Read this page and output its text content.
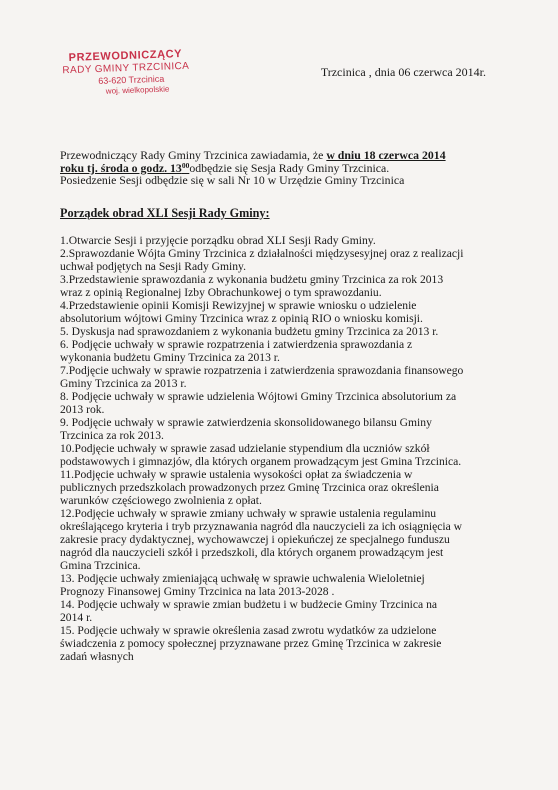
PRZEWODNICZĄCY
RADY GMINY TRZCINICA
63-620 Trzcinica
woj. wielkopolskie
Trzcinica , dnia 06 czerwca 2014r.

Przewodniczący Rady Gminy Trzcinica zawiadamia, że w dniu 18 czerwca 2014

roku tj. środa o godz. $13^{00}odbędzie$ się Sesja Rady Gminy Trzcinica.

Posiedzenie Sesji odbędzie się w sali Nr 10 w Urzędzie Gminy Trzcinica

Porządek obrad XLI Sesji Rady Gminy:
1.Otwarcie Sesji i przyjęcie porządku obrad XLI Sesji Rady Gminy.
2.Sprawozdanie Wójta Gminy Trzcinica z działalności międzysesyjnej oraz z realizacji
uchwał podjętych na Sesji Rady Gminy.
3.Przedstawienie sprawozdania z wykonania budżetu gminy Trzcinica za rok 2013
wraz z opinią Regionalnej Izby Obrachunkowej o tym sprawozdaniu.
4.Przedstawienie opinii Komisji Rewizyjnej w sprawie wniosku o udzielenie
absolutorium wójtowi Gminy Trzcinica wraz z opinią RIO o wniosku komisji.
5. Dyskusja nad sprawozdaniem z wykonania budżetu gminy Trzcinica za 2013 r.
6. Podjęcie uchwały w sprawie rozpatrzenia i zatwierdzenia sprawozdania z
wykonania budżetu Gminy Trzcinica za 2013 r.
7.Podjęcie uchwały w sprawie rozpatrzenia i zatwierdzenia sprawozdania finansowego
Gminy Trzcinica za 2013 r.
8. Podjęcie uchwały w sprawie udzielenia Wójtowi Gminy Trzcinica absolutorium za
2013 rok.
9. Podjęcie uchwały w sprawie zatwierdzenia skonsolidowanego bilansu Gminy
Trzcinica za rok 2013.
10.Podjęcie uchwały w sprawie zasad udzielanie stypendium dla uczniów szkół
podstawowych i gimnazjów, dla których organem prowadzącym jest Gmina Trzcinica.
11.Podjęcie uchwały w sprawie ustalenia wysokości opłat za świadczenia w
publicznych przedszkolach prowadzonych przez Gminę Trzcinica oraz określenia
warunków częściowego zwolnienia z opłat.
12.Podjęcie uchwały w sprawie zmiany uchwały w sprawie ustalenia regulaminu
określającego kryteria i tryb przyznawania nagród dla nauczycieli za ich osiągnięcia w
zakresie pracy dydaktycznej, wychowawczej i opiekuńczej ze specjalnego funduszu
nagród dla nauczycieli szkół i przedszkoli, dla których organem prowadzącym jest
Gmina Trzcinica.
13. Podjęcie uchwały zmieniającą uchwałę w sprawie uchwalenia Wieloletniej
Prognozy Finansowej Gminy Trzcinica na lata 2013-2028 .
14. Podjęcie uchwały w sprawie zmian budżetu i w budżecie Gminy Trzcinica na
2014 r.
15. Podjęcie uchwały w sprawie określenia zasad zwrotu wydatków za udzielone
świadczenia z pomocy społecznej przyznawane przez Gminę Trzcinica w zakresie
zadań własnych
